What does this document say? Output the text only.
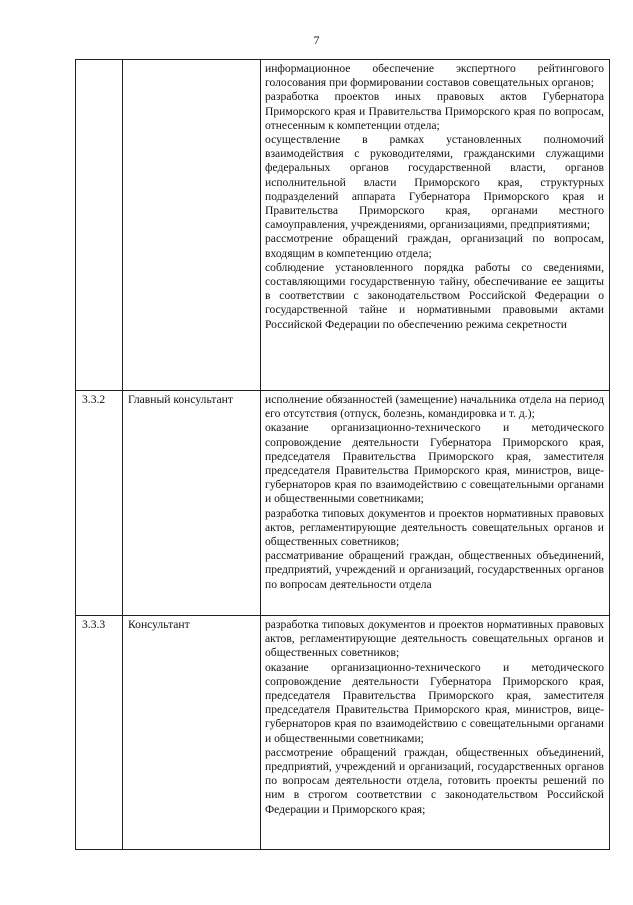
7

		информационное обеспечение экспертного рейтингового голосования при формировании составов совещательных органов;
разработка проектов иных правовых актов Губернатора Приморского края и Правительства Приморского края по вопросам, отнесенным к компетенции отдела;
осуществление в рамках установленных полномочий взаимодействия с руководителями, гражданскими служащими федеральных органов государственной власти, органов исполнительной власти Приморского края, структурных подразделений аппарата Губернатора Приморского края и Правительства Приморского края, органами местного самоуправления, учреждениями, организациями, предприятиями;
рассмотрение обращений граждан, организаций по вопросам, входящим в компетенцию отдела;
соблюдение установленного порядка работы со сведениями, составляющими государственную тайну, обеспечивание ее защиты в соответствии с законодательством Российской Федерации о государственной тайне и нормативными правовыми актами Российской Федерации по обеспечению режима секретности

3.3.2	Главный консультант	исполнение обязанностей (замещение) начальника отдела на период его отсутствия (отпуск, болезнь, командировка и т. д.);
оказание организационно-технического и методического сопровождение деятельности Губернатора Приморского края, председателя Правительства Приморского края, заместителя председателя Правительства Приморского края, министров, вице-губернаторов края по взаимодействию с совещательными органами и общественными советниками;
разработка типовых документов и проектов нормативных правовых актов, регламентирующие деятельность совещательных органов и общественных советников;
рассматривание обращений граждан, общественных объединений, предприятий, учреждений и организаций, государственных органов по вопросам деятельности отдела

3.3.3	Консультант	разработка типовых документов и проектов нормативных правовых актов, регламентирующие деятельность совещательных органов и общественных советников;
оказание организационно-технического и методического сопровождение деятельности Губернатора Приморского края, председателя Правительства Приморского края, заместителя председателя Правительства Приморского края, министров, вице-губернаторов края по взаимодействию с совещательными органами и общественными советниками;
рассмотрение обращений граждан, общественных объединений, предприятий, учреждений и организаций, государственных органов по вопросам деятельности отдела, готовить проекты решений по ним в строгом соответствии с законодательством Российской Федерации и Приморского края;
